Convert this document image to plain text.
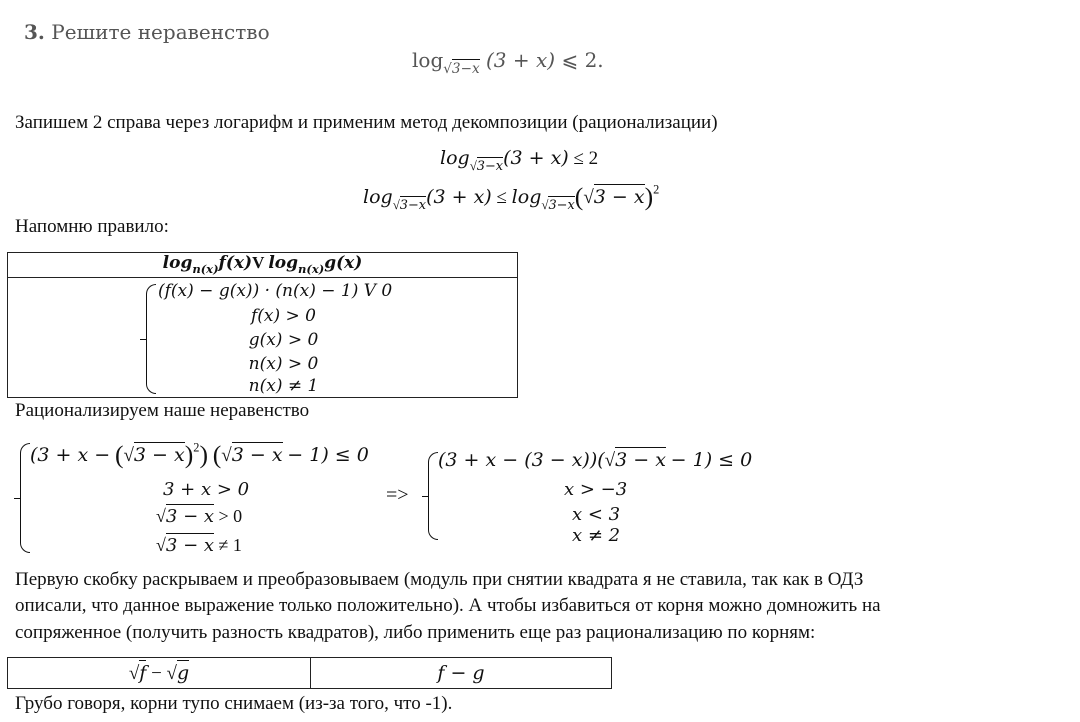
3. Решите неравенство
$\log_{√3-x} (3 + x)$ ⩽ 2.
Запишем 2 справа через логарифм и применим метод декомпозиции (рационализации)
$\log_{√3-x}(3 + x) \le 2$
$\log_{√3-x}(3 + x) \le \log_{√3-x}(√3 - x)^2$
Напомню правило:
$\log_{n(x)}f(x)V$ $\log_{n(x)}g(x)$

(f(x) − g(x)) · (n(x) − 1) V 0
f(x) > 0
g(x) > 0
n(x) > 0
n(x) ≠ 1
Рационализируем наше неравенство
$(3 + x - (√3 - x)^2)$ (√3 − x − 1) ≤ 0
3 + x > 0
√3 − x > 0
√3 − x ≠ 1
=>
(3 + x − (3 − x))(√3 − x − 1) ≤ 0
x > −3
x < 3
x ≠ 2
Первую скобку раскрываем и преобразовываем (модуль при снятии квадрата я не ставила, так как в ОДЗ
описали, что данное выражение только положительно). А чтобы избавиться от корня можно домножить на
сопряженное (получить разность квадратов), либо применить еще раз рационализацию по корням:
√f − √g	f − g
Грубо говоря, корни тупо снимаем (из-за того, что -1).
